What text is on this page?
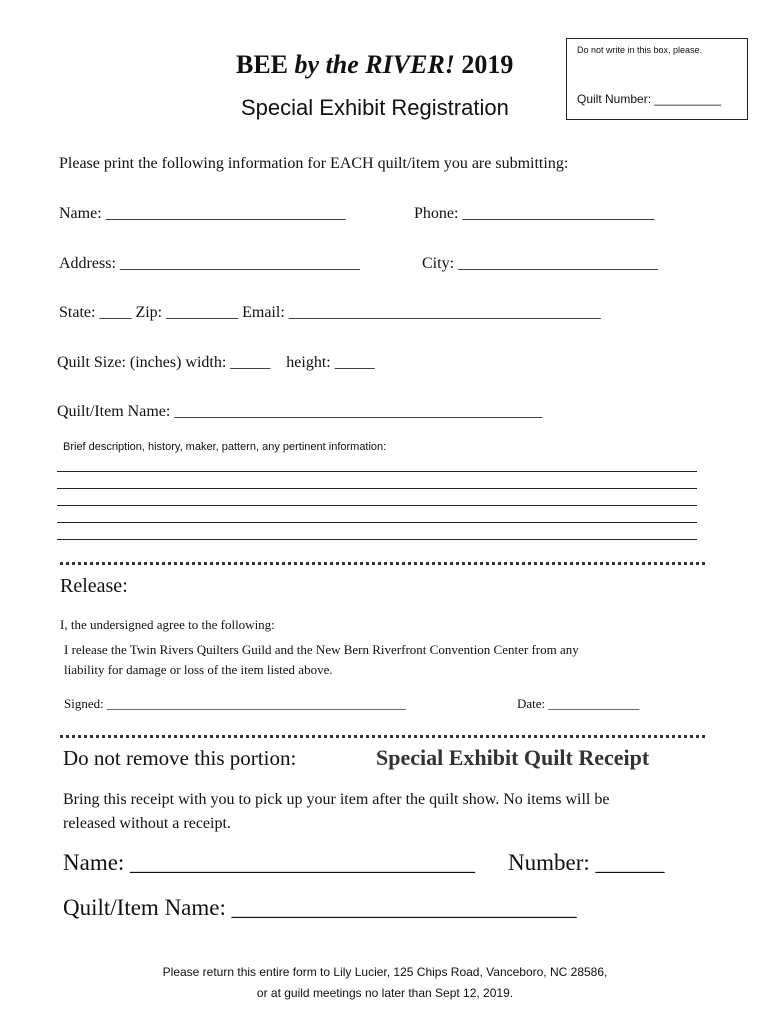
BEE by the RIVER! 2019
Special Exhibit Registration
Do not write in this box, please.
Quilt Number: __________
Please print the following information for EACH quilt/item you are submitting:
Name: ______________________________	Phone: ________________________
Address: ______________________________	City: _________________________
State: ____ Zip: _________ Email: _______________________________________
Quilt Size: (inches) width: _____    height: _____
Quilt/Item Name: ______________________________________________
Brief description, history, maker, pattern, any pertinent information:
Release:
I, the undersigned agree to the following:
I release the Twin Rivers Quilters Guild and the New Bern Riverfront Convention Center from any
liability for damage or loss of the item listed above.
Signed: ______________________________________________	Date: ______________
Do not remove this portion:	Special Exhibit Quilt Receipt
Bring this receipt with you to pick up your item after the quilt show. No items will be
released without a receipt.
Name: ______________________________ Number: ______
Quilt/Item Name: ______________________________
Please return this entire form to Lily Lucier, 125 Chips Road, Vanceboro, NC 28586,
or at guild meetings no later than Sept 12, 2019.
